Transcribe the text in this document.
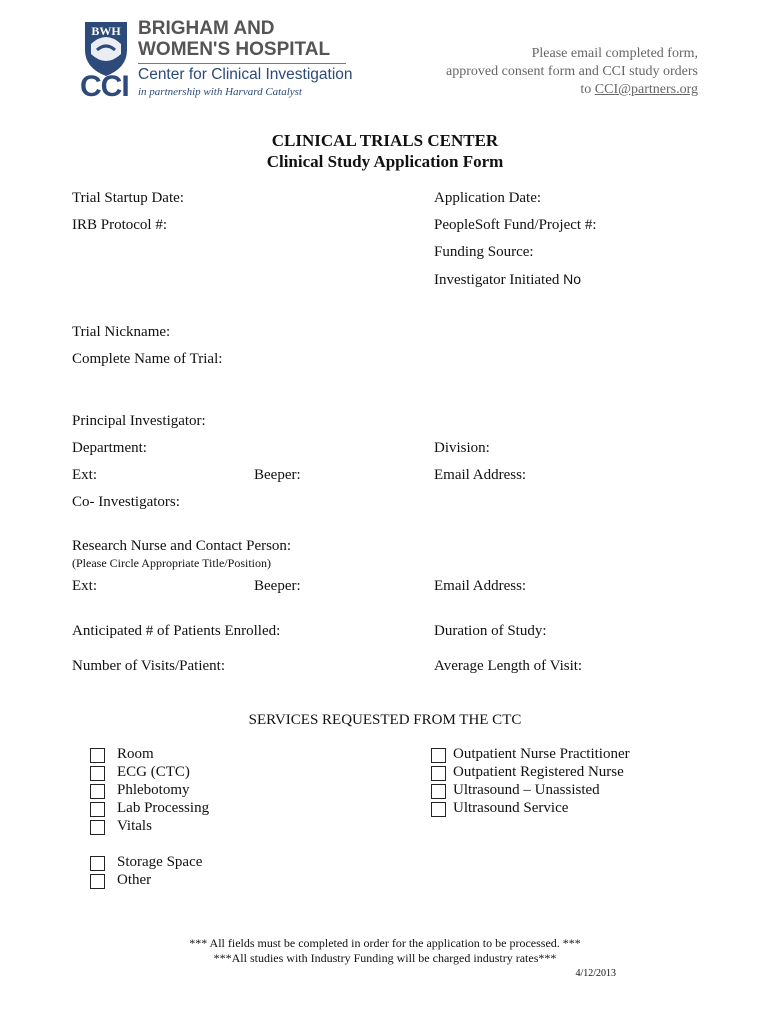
BWH
CCI
BRIGHAM AND
WOMEN'S HOSPITAL
Center for Clinical Investigation
in partnership with Harvard Catalyst
Please email completed form,
approved consent form and CCI study orders
to CCI@partners.org
CLINICAL TRIALS CENTER
Clinical Study Application Form
Trial Startup Date:	Application Date:
IRB Protocol #:	PeopleSoft Fund/Project #:
Funding Source:
Investigator Initiated No
Trial Nickname:
Complete Name of Trial:
Principal Investigator:
Department:	Division:
Ext:	Beeper:	Email Address:
Co- Investigators:
Research Nurse and Contact Person:
(Please Circle Appropriate Title/Position)
Ext:	Beeper:	Email Address:
Anticipated # of Patients Enrolled:	Duration of Study:
Number of Visits/Patient:	Average Length of Visit:
SERVICES REQUESTED FROM THE CTC
Room
ECG (CTC)
Phlebotomy
Lab Processing
Vitals
Outpatient Nurse Practitioner
Outpatient Registered Nurse
Ultrasound – Unassisted
Ultrasound Service
Storage Space
Other
*** All fields must be completed in order for the application to be processed. ***
***All studies with Industry Funding will be charged industry rates***
4/12/2013
